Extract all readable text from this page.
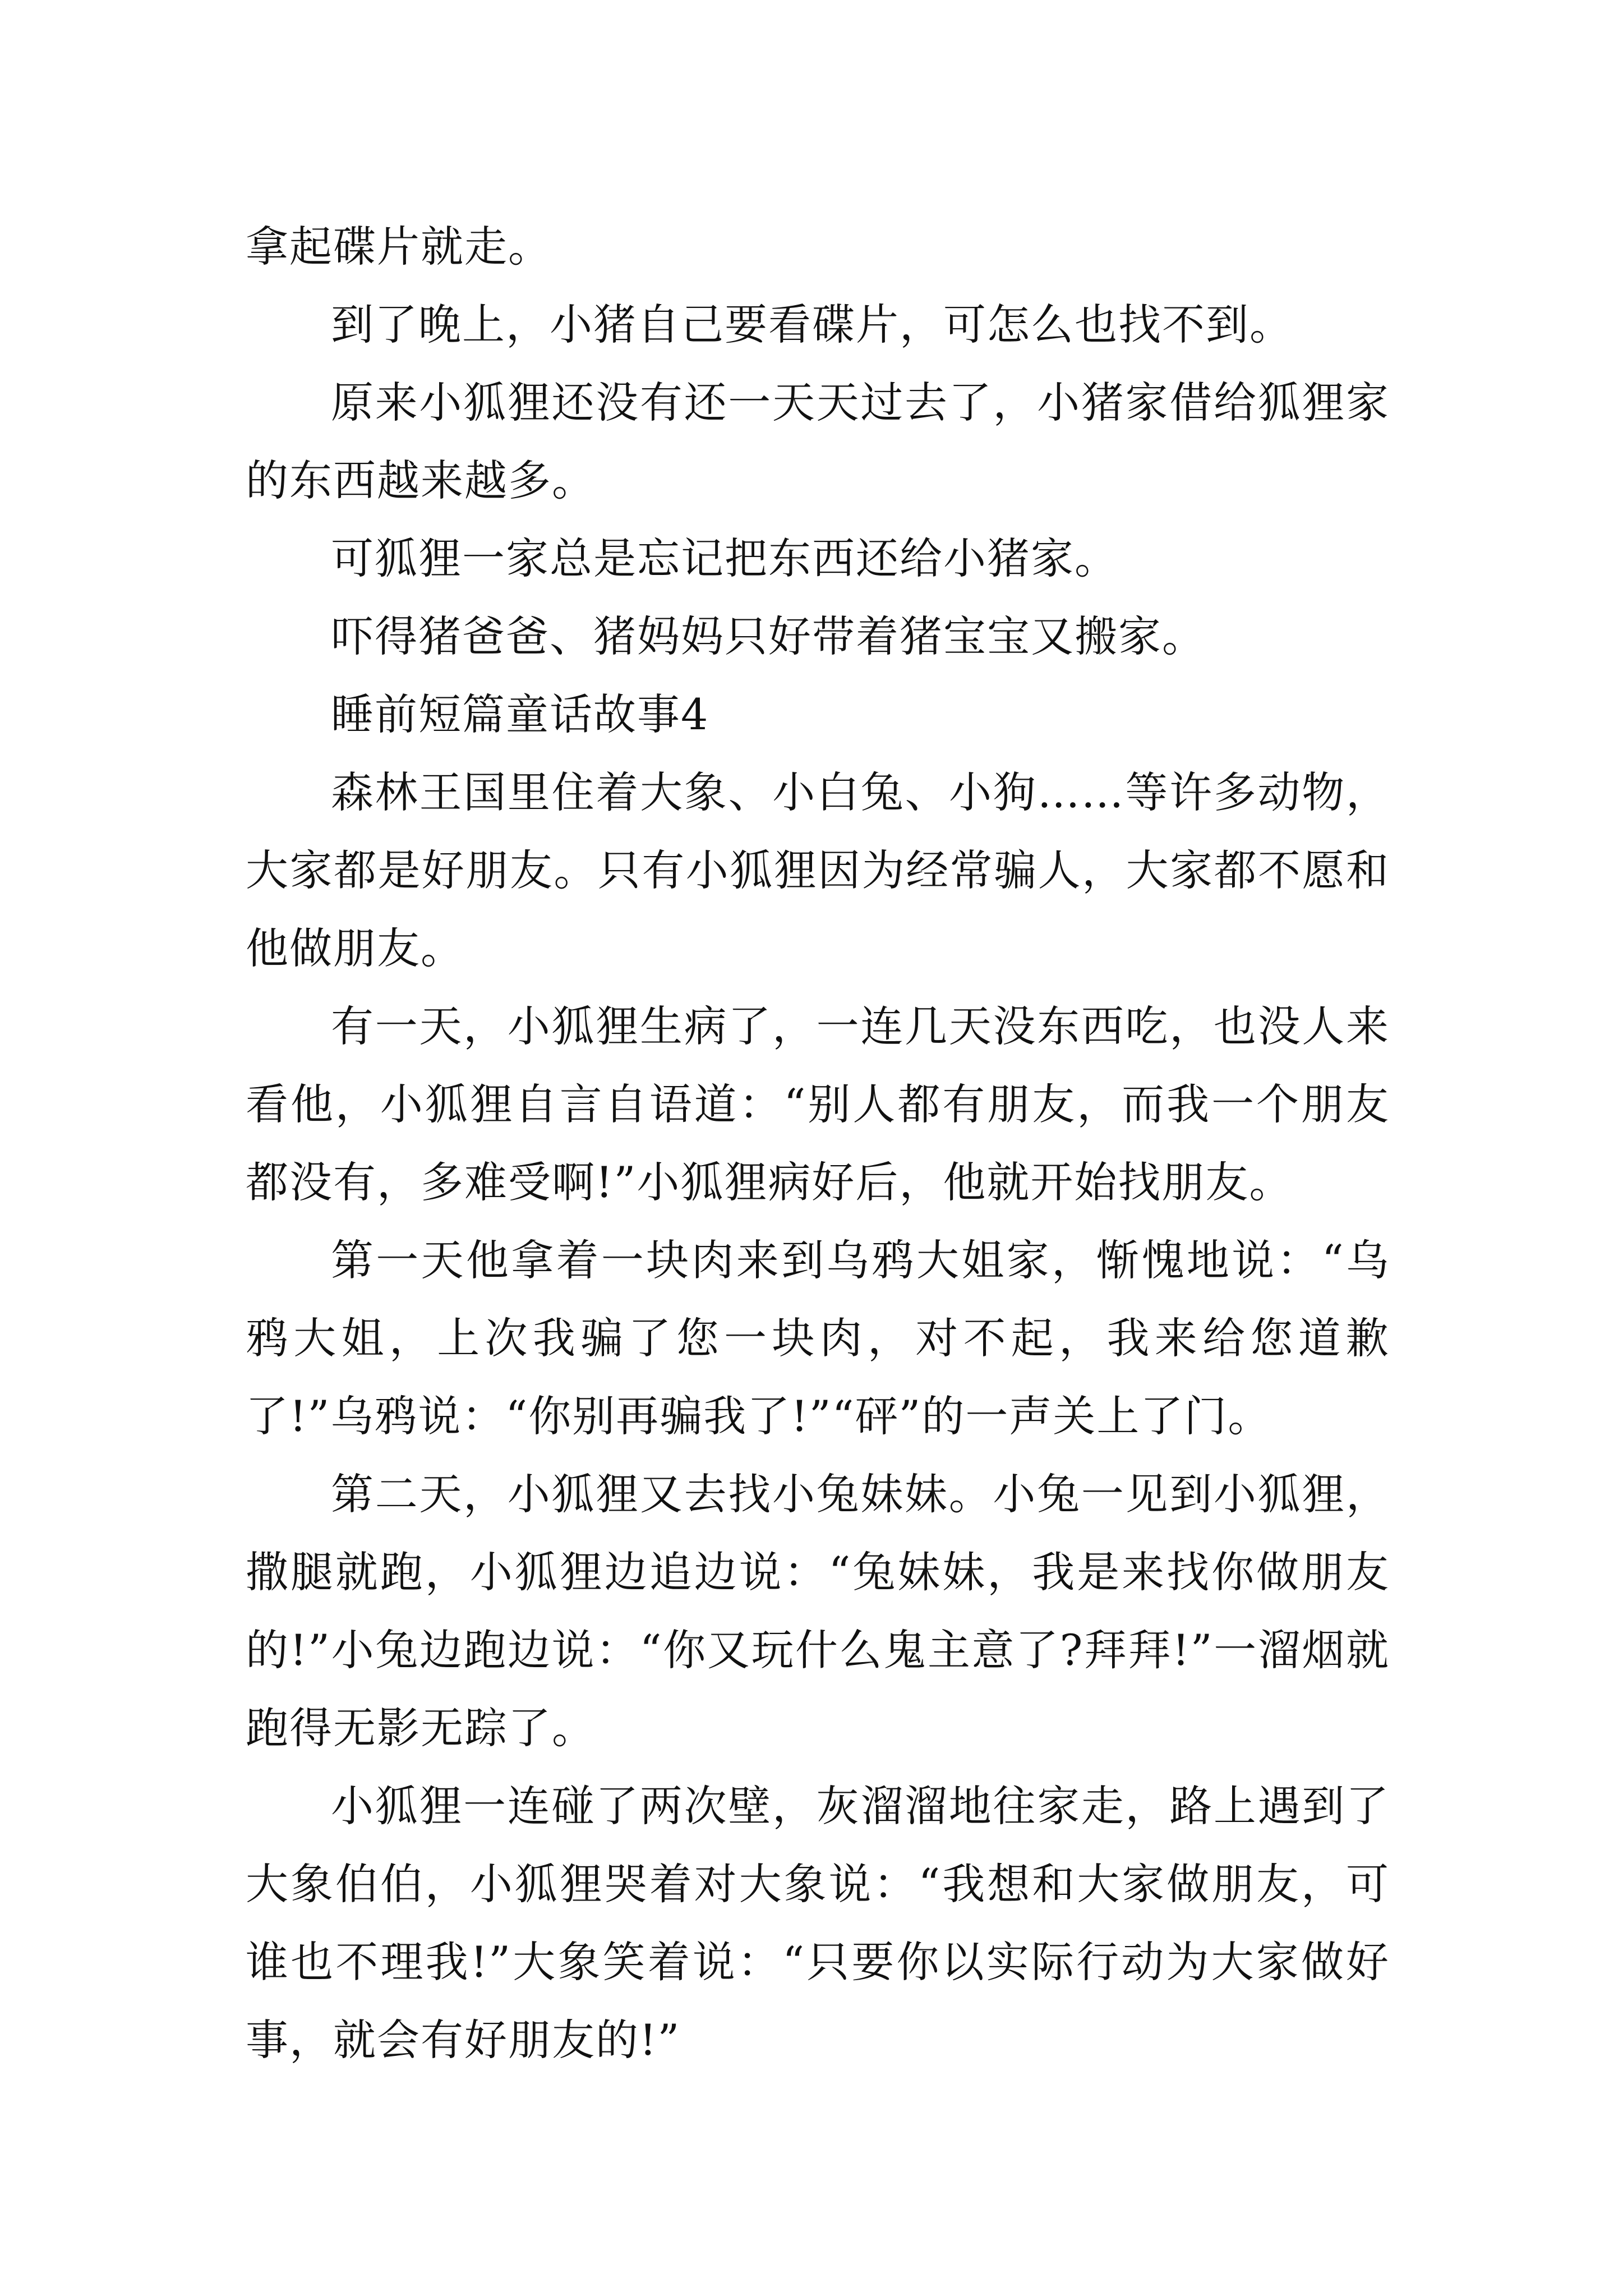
拿起碟片就走。

到了晚上，小猪自己要看碟片，可怎么也找不到。

原来小狐狸还没有还一天天过去了，小猪家借给狐狸家的东西越来越多。

可狐狸一家总是忘记把东西还给小猪家。

吓得猪爸爸、猪妈妈只好带着猪宝宝又搬家。

睡前短篇童话故事4

森林王国里住着大象、小白兔、小狗……等许多动物，大家都是好朋友。只有小狐狸因为经常骗人，大家都不愿和他做朋友。

有一天，小狐狸生病了，一连几天没东西吃，也没人来看他，小狐狸自言自语道：“别人都有朋友，而我一个朋友都没有，多难受啊!”小狐狸病好后，他就开始找朋友。

第一天他拿着一块肉来到乌鸦大姐家，惭愧地说：“乌鸦大姐，上次我骗了您一块肉，对不起，我来给您道歉了!”乌鸦说：“你别再骗我了!”“砰”的一声关上了门。

第二天，小狐狸又去找小兔妹妹。小兔一见到小狐狸，撒腿就跑，小狐狸边追边说：“兔妹妹，我是来找你做朋友的!”小兔边跑边说：“你又玩什么鬼主意了?拜拜!”一溜烟就跑得无影无踪了。

小狐狸一连碰了两次壁，灰溜溜地往家走，路上遇到了大象伯伯，小狐狸哭着对大象说：“我想和大家做朋友，可谁也不理我!”大象笑着说：“只要你以实际行动为大家做好事，就会有好朋友的!”
